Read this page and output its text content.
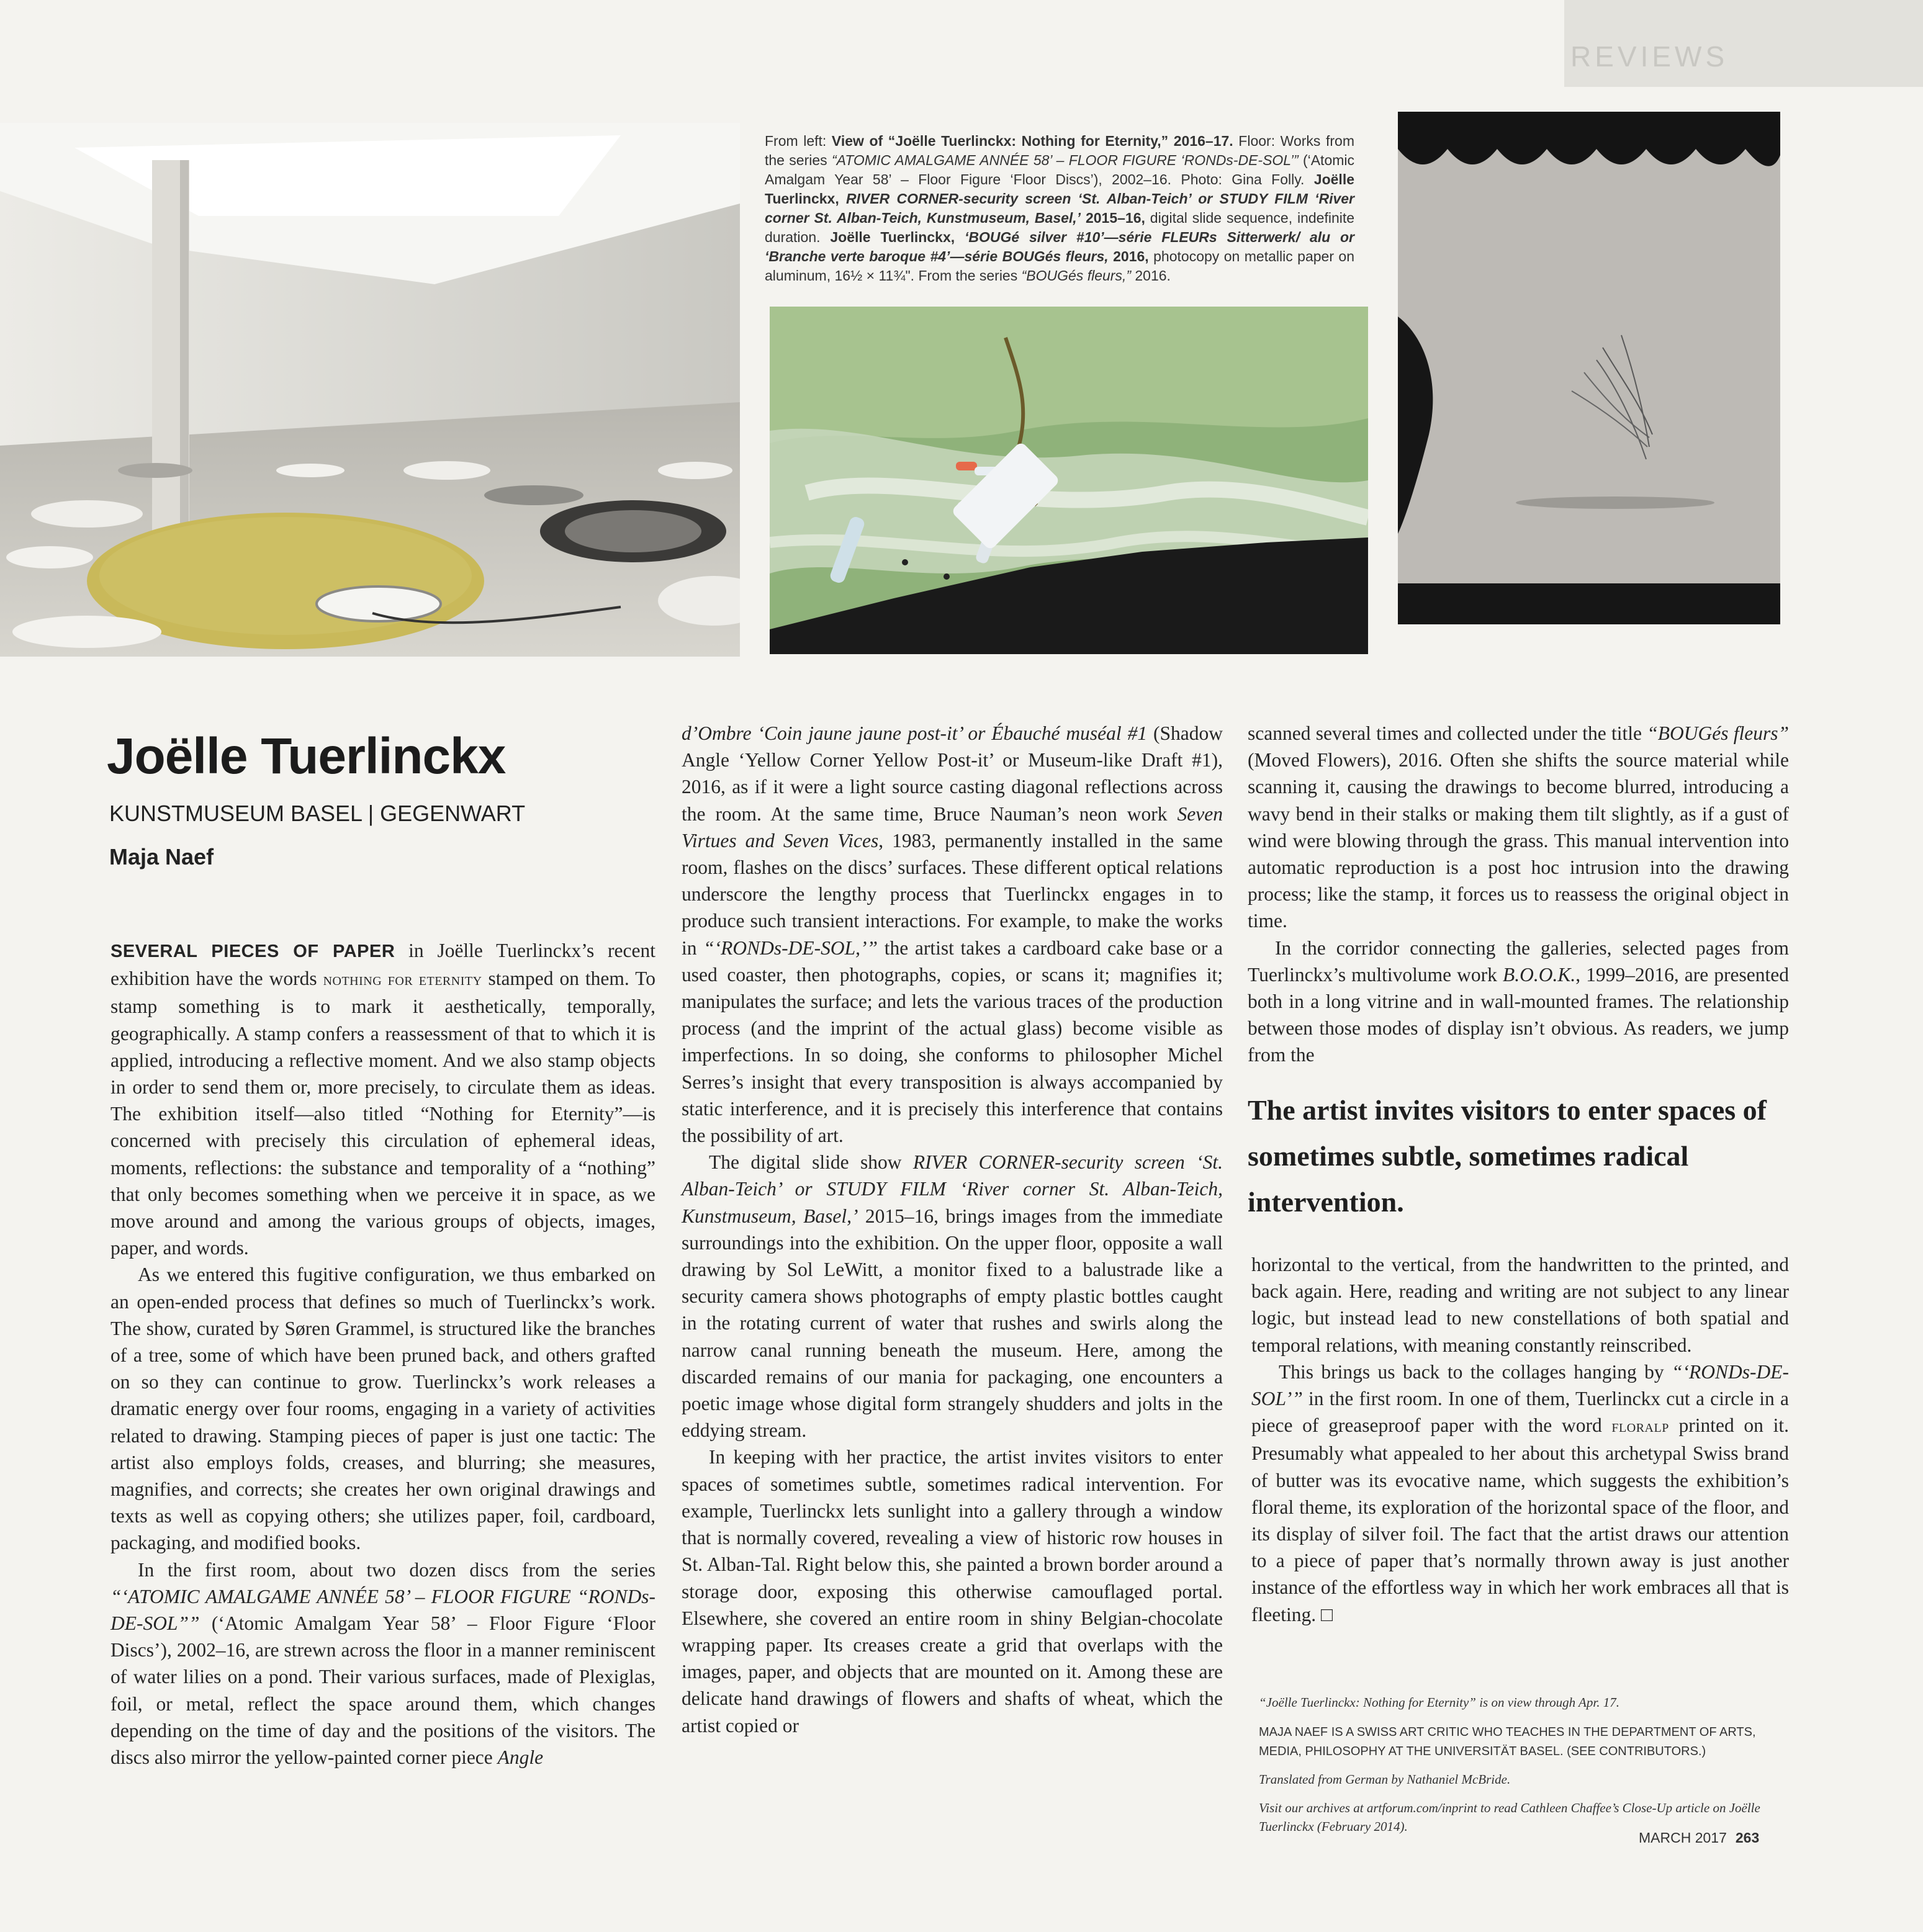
REVIEWS
From left: View of “Joëlle Tuerlinckx: Nothing for Eternity,” 2016–17. Floor: Works from the series “ATOMIC AMALGAME ANNÉE 58’ – FLOOR FIGURE ‘RONDs-DE-SOL’” (‘Atomic Amalgam Year 58’ – Floor Figure ‘Floor Discs’), 2002–16. Photo: Gina Folly. Joëlle Tuerlinckx, RIVER CORNER-security screen ‘St. Alban-Teich’ or STUDY FILM ‘River corner St. Alban-Teich, Kunstmuseum, Basel,’ 2015–16, digital slide sequence, indefinite duration. Joëlle Tuerlinckx, ‘BOUGé silver #10’—série FLEURs Sitterwerk/ alu or ‘Branche verte baroque #4’—série BOUGés fleurs, 2016, photocopy on metallic paper on aluminum, 16½ × 11¾". From the series “BOUGés fleurs,” 2016.
Joëlle Tuerlinckx
KUNSTMUSEUM BASEL | GEGENWART
Maja Naef

SEVERAL PIECES OF PAPER in Joëlle Tuerlinckx’s recent exhibition have the words nothing for eternity stamped on them. To stamp something is to mark it aesthetically, temporally, geographically. A stamp confers a reassessment of that to which it is applied, introducing a reflective moment. And we also stamp objects in order to send them or, more precisely, to circulate them as ideas. The exhibition itself—also titled “Nothing for Eternity”—is concerned with precisely this circulation of ephemeral ideas, moments, reflections: the substance and temporality of a “nothing” that only becomes something when we perceive it in space, as we move around and among the various groups of objects, images, paper, and words.

As we entered this fugitive configuration, we thus embarked on an open-ended process that defines so much of Tuerlinckx’s work. The show, curated by Søren Grammel, is structured like the branches of a tree, some of which have been pruned back, and others grafted on so they can continue to grow. Tuerlinckx’s work releases a dramatic energy over four rooms, engaging in a variety of activities related to drawing. Stamping pieces of paper is just one tactic: The artist also employs folds, creases, and blurring; she measures, magnifies, and corrects; she creates her own original drawings and texts as well as copying others; she utilizes paper, foil, cardboard, packaging, and modified books.

In the first room, about two dozen discs from the series “‘ATOMIC AMALGAME ANNÉE 58’ – FLOOR FIGURE “RONDs-DE-SOL”” (‘Atomic Amalgam Year 58’ – Floor Figure ‘Floor Discs’), 2002–16, are strewn across the floor in a manner reminiscent of water lilies on a pond. Their various surfaces, made of Plexiglas, foil, or metal, reflect the space around them, which changes depending on the time of day and the positions of the visitors. The discs also mirror the yellow-painted corner piece Angle

d’Ombre ‘Coin jaune jaune post-it’ or Ébauché muséal #1 (Shadow Angle ‘Yellow Corner Yellow Post-it’ or Museum-like Draft #1), 2016, as if it were a light source casting diagonal reflections across the room. At the same time, Bruce Nauman’s neon work Seven Virtues and Seven Vices, 1983, permanently installed in the same room, flashes on the discs’ surfaces. These different optical relations underscore the lengthy process that Tuerlinckx engages in to produce such transient interactions. For example, to make the works in “‘RONDs-DE-SOL,’” the artist takes a cardboard cake base or a used coaster, then photographs, copies, or scans it; magnifies it; manipulates the surface; and lets the various traces of the production process (and the imprint of the actual glass) become visible as imperfections. In so doing, she conforms to philosopher Michel Serres’s insight that every transposition is always accompanied by static interference, and it is precisely this interference that contains the possibility of art.

The digital slide show RIVER CORNER-security screen ‘St. Alban-Teich’ or STUDY FILM ‘River corner St. Alban-Teich, Kunstmuseum, Basel,’ 2015–16, brings images from the immediate surroundings into the exhibition. On the upper floor, opposite a wall drawing by Sol LeWitt, a monitor fixed to a balustrade like a security camera shows photographs of empty plastic bottles caught in the rotating current of water that rushes and swirls along the narrow canal running beneath the museum. Here, among the discarded remains of our mania for packaging, one encounters a poetic image whose digital form strangely shudders and jolts in the eddying stream.

In keeping with her practice, the artist invites visitors to enter spaces of sometimes subtle, sometimes radical intervention. For example, Tuerlinckx lets sunlight into a gallery through a window that is normally covered, revealing a view of historic row houses in St. Alban-Tal. Right below this, she painted a brown border around a storage door, exposing this otherwise camouflaged portal. Elsewhere, she covered an entire room in shiny Belgian-chocolate wrapping paper. Its creases create a grid that overlaps with the images, paper, and objects that are mounted on it. Among these are delicate hand drawings of flowers and shafts of wheat, which the artist copied or

scanned several times and collected under the title “BOUGés fleurs” (Moved Flowers), 2016. Often she shifts the source material while scanning it, causing the drawings to become blurred, introducing a wavy bend in their stalks or making them tilt slightly, as if a gust of wind were blowing through the grass. This manual intervention into automatic reproduction is a post hoc intrusion into the drawing process; like the stamp, it forces us to reassess the original object in time.

In the corridor connecting the galleries, selected pages from Tuerlinckx’s multivolume work B.O.O.K., 1999–2016, are presented both in a long vitrine and in wall-mounted frames. The relationship between those modes of display isn’t obvious. As readers, we jump from the

The artist invites visitors to enter spaces of sometimes subtle, sometimes radical intervention.

horizontal to the vertical, from the handwritten to the printed, and back again. Here, reading and writing are not subject to any linear logic, but instead lead to new constellations of both spatial and temporal relations, with meaning constantly reinscribed.

This brings us back to the collages hanging by “‘RONDs-DE-SOL’” in the first room. In one of them, Tuerlinckx cut a circle in a piece of greaseproof paper with the word floralp printed on it. Presumably what appealed to her about this archetypal Swiss brand of butter was its evocative name, which suggests the exhibition’s floral theme, its exploration of the horizontal space of the floor, and its display of silver foil. The fact that the artist draws our attention to a piece of paper that’s normally thrown away is just another instance of the effortless way in which her work embraces all that is fleeting. □

“Joëlle Tuerlinckx: Nothing for Eternity” is on view through Apr. 17.
MAJA NAEF IS A SWISS ART CRITIC WHO TEACHES IN THE DEPARTMENT OF ARTS, MEDIA, PHILOSOPHY AT THE UNIVERSITÄT BASEL. (SEE CONTRIBUTORS.)
Translated from German by Nathaniel McBride.
Visit our archives at artforum.com/inprint to read Cathleen Chaffee’s Close-Up article on Joëlle Tuerlinckx (February 2014).
MARCH 2017 263
